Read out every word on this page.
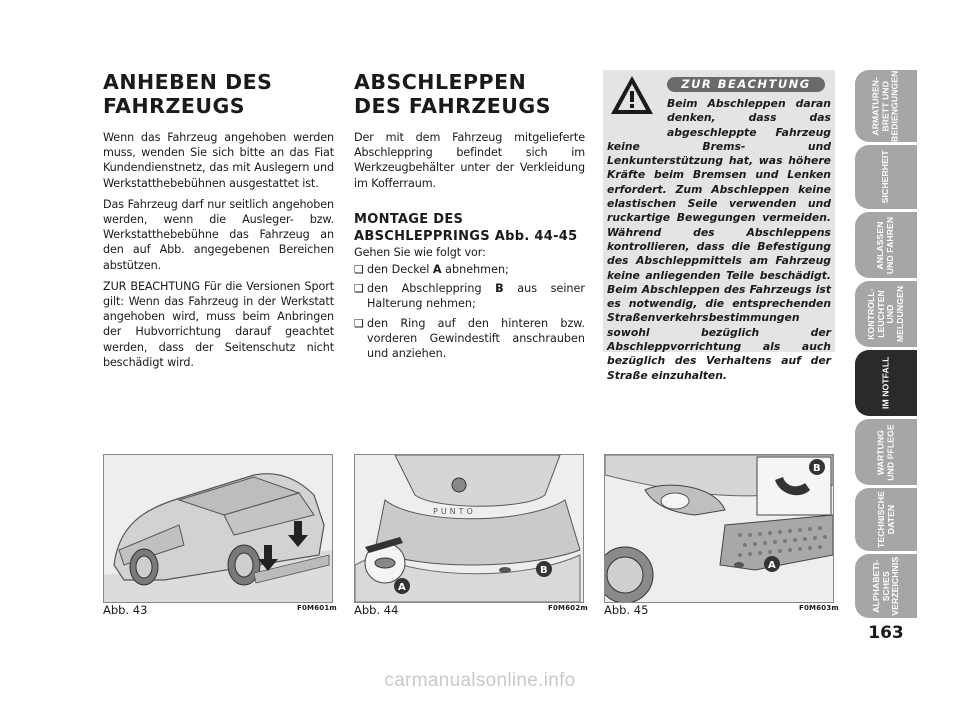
ANHEBEN DES
FAHRZEUGS

Wenn das Fahrzeug angehoben werden muss, wenden Sie sich bitte an das Fiat Kundendienstnetz, das mit Auslegern und Werkstatthebebühnen ausgestattet ist.

Das Fahrzeug darf nur seitlich angehoben werden, wenn die Ausleger- bzw. Werkstatthebebühne das Fahrzeug an den auf Abb. angegebenen Bereichen abstützen.

ZUR BEACHTUNG Für die Versionen Sport gilt: Wenn das Fahrzeug in der Werkstatt angehoben wird, muss beim Anbringen der Hubvorrichtung darauf geachtet werden, dass der Seitenschutz nicht beschädigt wird.

ABSCHLEPPEN
DES FAHRZEUGS

Der mit dem Fahrzeug mitgelieferte Abschleppring befindet sich im Werkzeugbehälter unter der Verkleidung im Kofferraum.

MONTAGE DES
ABSCHLEPPRINGS Abb. 44-45
Gehen Sie wie folgt vor:
❑ den Deckel A abnehmen;
❑ den Abschleppring B aus seiner Halterung nehmen;
❑ den Ring auf den hinteren bzw. vorderen Gewindestift anschrauben und anziehen.
ZUR BEACHTUNG
Beim Abschleppen daran denken, dass das abgeschleppte Fahrzeug keine Brems- und Lenkunterstützung hat, was höhere Kräfte beim Bremsen und Lenken erfordert. Zum Abschleppen keine elastischen Seile verwenden und ruckartige Bewegungen vermeiden. Während des Abschleppens kontrollieren, dass die Befestigung des Abschleppmittels am Fahrzeug keine anliegenden Teile beschädigt. Beim Abschleppen des Fahrzeugs ist es notwendig, die entsprechenden Straßenverkehrsbestimmungen sowohl bezüglich der Abschleppvorrichtung als auch bezüglich des Verhaltens auf der Straße einzuhalten.
Abb. 43	F0M601m
PUNTO
B
A
Abb. 44	F0M602m
B
A
Abb. 45	F0M603m
ARMATUREN-
BRETT UND
BEDIENGUNGEN
SICHERHEIT
ANLASSEN
UND FAHREN
KONTROLL-
LEUCHTEN UND
MELDUNGEN
IM NOTFALL
WARTUNG
UND PFLEGE
TECHNISCHE
DATEN
ALPHABETI-
SCHES
VERZEICHNIS
163
carmanualsonline.info
